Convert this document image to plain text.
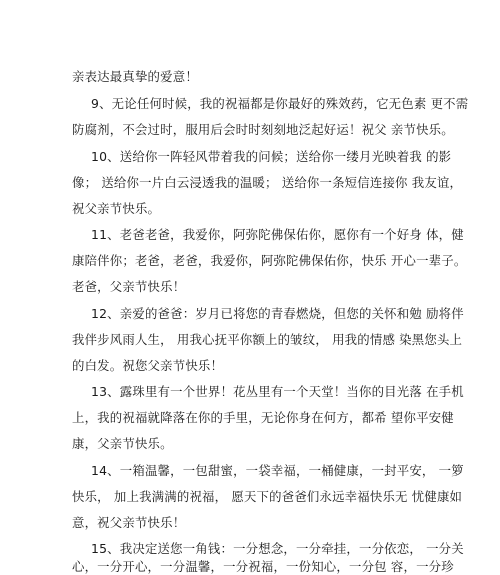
亲表达最真挚的爱意！
9、无论任何时候，我的祝福都是你最好的殊效药，它无色素 更不需
防腐剂，不会过时，服用后会时时刻刻地泛起好运！祝父 亲节快乐。
10、送给你一阵轻风带着我的问候；送给你一缕月光映着我 的影
像； 送给你一片白云浸透我的温暖； 送给你一条短信连接你 我友谊，
祝父亲节快乐。
11、老爸老爸，我爱你，阿弥陀佛保佑你，愿你有一个好身 体，健
康陪伴你；老爸，老爸，我爱你，阿弥陀佛保佑你，快乐 开心一辈子。
老爸，父亲节快乐！
12、亲爱的爸爸：岁月已将您的青春燃烧，但您的关怀和勉 励将伴
我伴步风雨人生， 用我心抚平你额上的皱纹， 用我的情感 染黑您头上
的白发。祝您父亲节快乐！
13、露珠里有一个世界！花丛里有一个天堂！当你的目光落 在手机
上，我的祝福就降落在你的手里，无论你身在何方，都希 望你平安健
康，父亲节快乐。
14、一箱温馨，一包甜蜜，一袋幸福，一桶健康，一封平安， 一箩
快乐， 加上我满满的祝福， 愿天下的爸爸们永远幸福快乐无 忧健康如
意，祝父亲节快乐！
15、我决定送您一角钱：一分想念，一分牵挂，一分依恋， 一分关
心，一分开心，一分温馨，一分祝福，一份知心，一分包 容，一分珍
